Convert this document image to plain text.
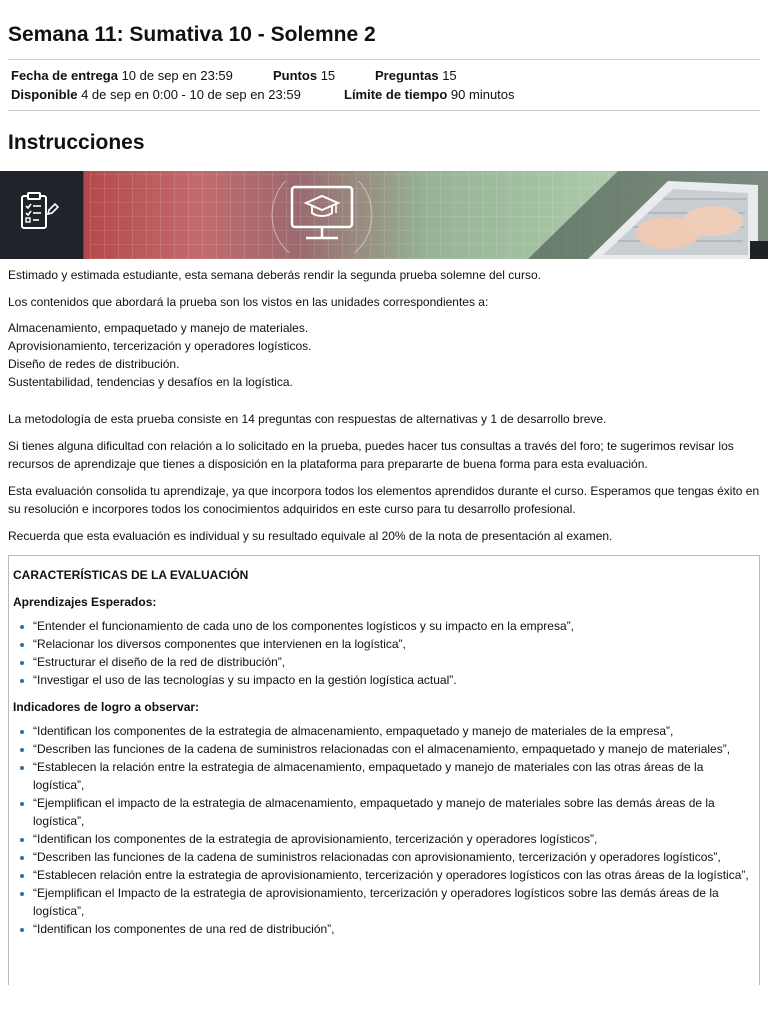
Semana 11: Sumativa 10 - Solemne 2
Fecha de entrega 10 de sep en 23:59	Puntos 15	Preguntas 15
Disponible 4 de sep en 0:00 - 10 de sep en 23:59	Límite de tiempo 90 minutos
Instrucciones

Estimado y estimada estudiante, esta semana deberás rendir la segunda prueba solemne del curso.

Los contenidos que abordará la prueba son los vistos en las unidades correspondientes a:

Almacenamiento, empaquetado y manejo de materiales.
Aprovisionamiento, tercerización y operadores logísticos.
Diseño de redes de distribución.
Sustentabilidad, tendencias y desafíos en la logística.

La metodología de esta prueba consiste en 14 preguntas con respuestas de alternativas y 1 de desarrollo breve.

Si tienes alguna dificultad con relación a lo solicitado en la prueba, puedes hacer tus consultas a través del foro; te sugerimos revisar los recursos de aprendizaje que tienes a disposición en la plataforma para prepararte de buena forma para esta evaluación.

Esta evaluación consolida tu aprendizaje, ya que incorpora todos los elementos aprendidos durante el curso. Esperamos que tengas éxito en su resolución e incorpores todos los conocimientos adquiridos en este curso para tu desarrollo profesional.

Recuerda que esta evaluación es individual y su resultado equivale al 20% de la nota de presentación al examen.

CARACTERÍSTICAS DE LA EVALUACIÓN
Aprendizajes Esperados:
“Entender el funcionamiento de cada uno de los componentes logísticos y su impacto en la empresa”,
“Relacionar los diversos componentes que intervienen en la logística”,
“Estructurar el diseño de la red de distribución”,
“Investigar el uso de las tecnologías y su impacto en la gestión logística actual”.
Indicadores de logro a observar:
“Identifican los componentes de la estrategia de almacenamiento, empaquetado y manejo de materiales de la empresa”,
“Describen las funciones de la cadena de suministros relacionadas con el almacenamiento, empaquetado y manejo de materiales”,
“Establecen la relación entre la estrategia de almacenamiento, empaquetado y manejo de materiales con las otras áreas de la logística”,
“Ejemplifican el impacto de la estrategia de almacenamiento, empaquetado y manejo de materiales sobre las demás áreas de la logística”,
“Identifican los componentes de la estrategia de aprovisionamiento, tercerización y operadores logísticos”,
“Describen las funciones de la cadena de suministros relacionadas con aprovisionamiento, tercerización y operadores logísticos”,
“Establecen relación entre la estrategia de aprovisionamiento, tercerización y operadores logísticos con las otras áreas de la logística”,
“Ejemplifican el Impacto de la estrategia de aprovisionamiento, tercerización y operadores logísticos sobre las demás áreas de la logística”,
“Identifican los componentes de una red de distribución”,
